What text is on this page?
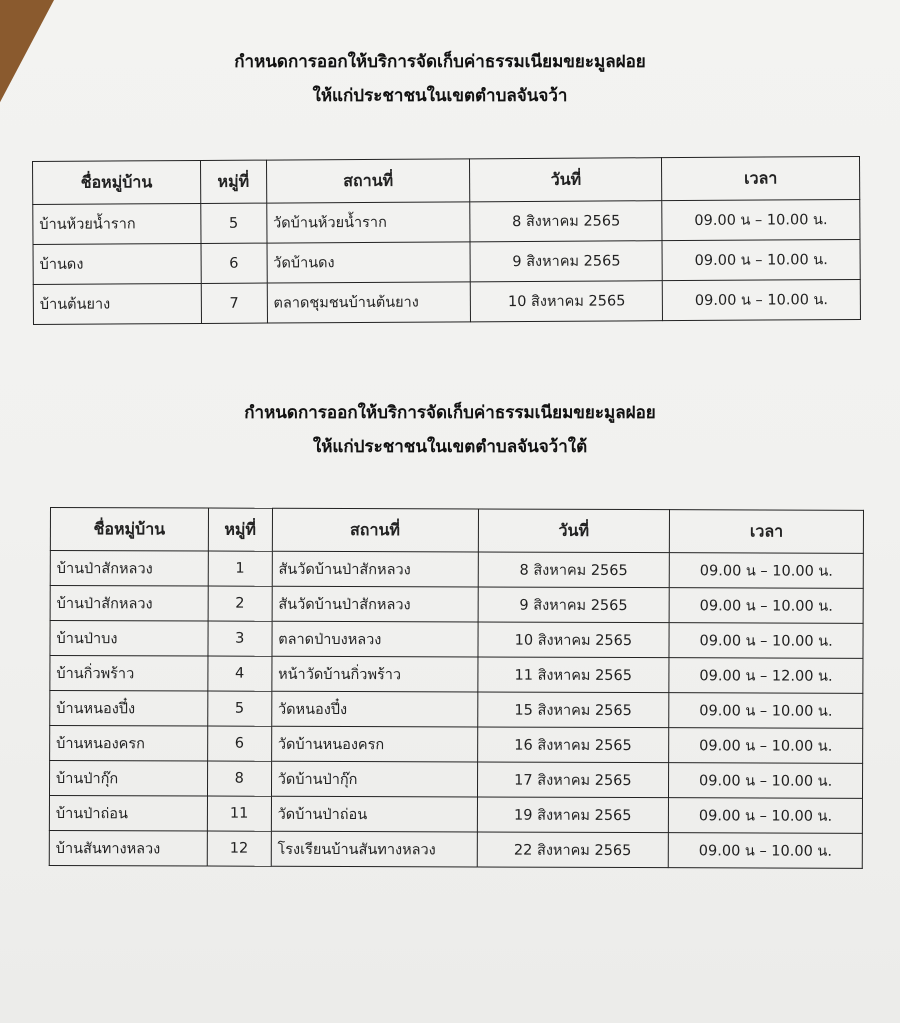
กำหนดการออกให้บริการจัดเก็บค่าธรรมเนียมขยะมูลฝอย
ให้แก่ประชาชนในเขตตำบลจันจว้า
ชื่อหมู่บ้าน	หมู่ที่	สถานที่	วันที่	เวลา
บ้านห้วยน้ำราก	5	วัดบ้านห้วยน้ำราก	8 สิงหาคม 2565	09.00 น – 10.00 น.
บ้านดง	6	วัดบ้านดง	9 สิงหาคม 2565	09.00 น – 10.00 น.
บ้านต้นยาง	7	ตลาดชุมชนบ้านต้นยาง	10 สิงหาคม 2565	09.00 น – 10.00 น.
กำหนดการออกให้บริการจัดเก็บค่าธรรมเนียมขยะมูลฝอย
ให้แก่ประชาชนในเขตตำบลจันจว้าใต้
ชื่อหมู่บ้าน	หมู่ที่	สถานที่	วันที่	เวลา
บ้านป่าสักหลวง	1	สันวัดบ้านป่าสักหลวง	8 สิงหาคม 2565	09.00 น – 10.00 น.
บ้านป่าสักหลวง	2	สันวัดบ้านป่าสักหลวง	9 สิงหาคม 2565	09.00 น – 10.00 น.
บ้านป่าบง	3	ตลาดป่าบงหลวง	10 สิงหาคม 2565	09.00 น – 10.00 น.
บ้านกิ่วพร้าว	4	หน้าวัดบ้านกิ่วพร้าว	11 สิงหาคม 2565	09.00 น – 12.00 น.
บ้านหนองปึ๋ง	5	วัดหนองปึ๋ง	15 สิงหาคม 2565	09.00 น – 10.00 น.
บ้านหนองครก	6	วัดบ้านหนองครก	16 สิงหาคม 2565	09.00 น – 10.00 น.
บ้านป่ากุ๊ก	8	วัดบ้านป่ากุ๊ก	17 สิงหาคม 2565	09.00 น – 10.00 น.
บ้านป่าถ่อน	11	วัดบ้านป่าถ่อน	19 สิงหาคม 2565	09.00 น – 10.00 น.
บ้านสันทางหลวง	12	โรงเรียนบ้านสันทางหลวง	22 สิงหาคม 2565	09.00 น – 10.00 น.
